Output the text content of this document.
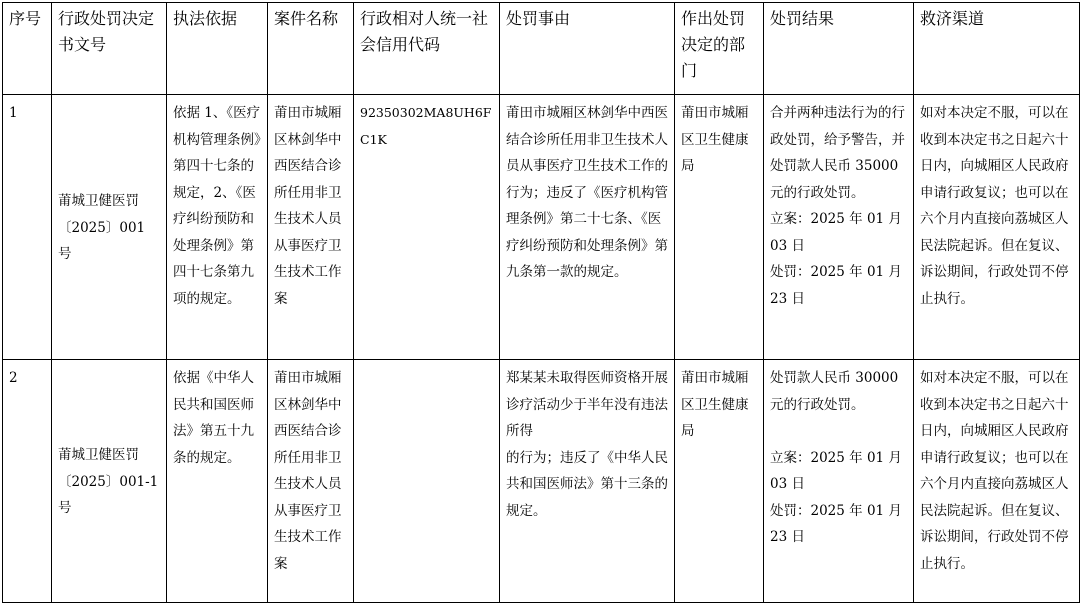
序号	行政处罚决定书文号	执法依据	案件名称	行政相对人统一社会信用代码	处罚事由	作出处罚决定的部门	处罚结果	救济渠道
1	莆城卫健医罚〔2025〕001 号	依据 1、《医疗机构管理条例》第四十七条的规定，2、《医疗纠纷预防和处理条例》第四十七条第九项的规定。	莆田市城厢区林剑华中西医结合诊所任用非卫生技术人员从事医疗卫生技术工作案	92350302MA8UH6FC1K	莆田市城厢区林剑华中西医结合诊所任用非卫生技术人员从事医疗卫生技术工作的行为；违反了《医疗机构管理条例》第二十七条、《医疗纠纷预防和处理条例》第九条第一款的规定。	莆田市城厢区卫生健康局	合并两种违法行为的行政处罚，给予警告，并处罚款人民币 35000 元的行政处罚。
立案：2025 年 01 月 03 日
处罚：2025 年 01 月 23 日	如对本决定不服，可以在收到本决定书之日起六十日内，向城厢区人民政府申请行政复议；也可以在六个月内直接向荔城区人民法院起诉。但在复议、诉讼期间，行政处罚不停止执行。
2	莆城卫健医罚〔2025〕001-1 号	依据《中华人民共和国医师法》第五十九条的规定。	莆田市城厢区林剑华中西医结合诊所任用非卫生技术人员从事医疗卫生技术工作案		郑某某未取得医师资格开展诊疗活动少于半年没有违法所得
的行为；违反了《中华人民共和国医师法》第十三条的规定。	莆田市城厢区卫生健康局	处罚款人民币 30000 元的行政处罚。

立案：2025 年 01 月 03 日
处罚：2025 年 01 月 23 日	如对本决定不服，可以在收到本决定书之日起六十日内，向城厢区人民政府申请行政复议；也可以在六个月内直接向荔城区人民法院起诉。但在复议、诉讼期间，行政处罚不停止执行。
